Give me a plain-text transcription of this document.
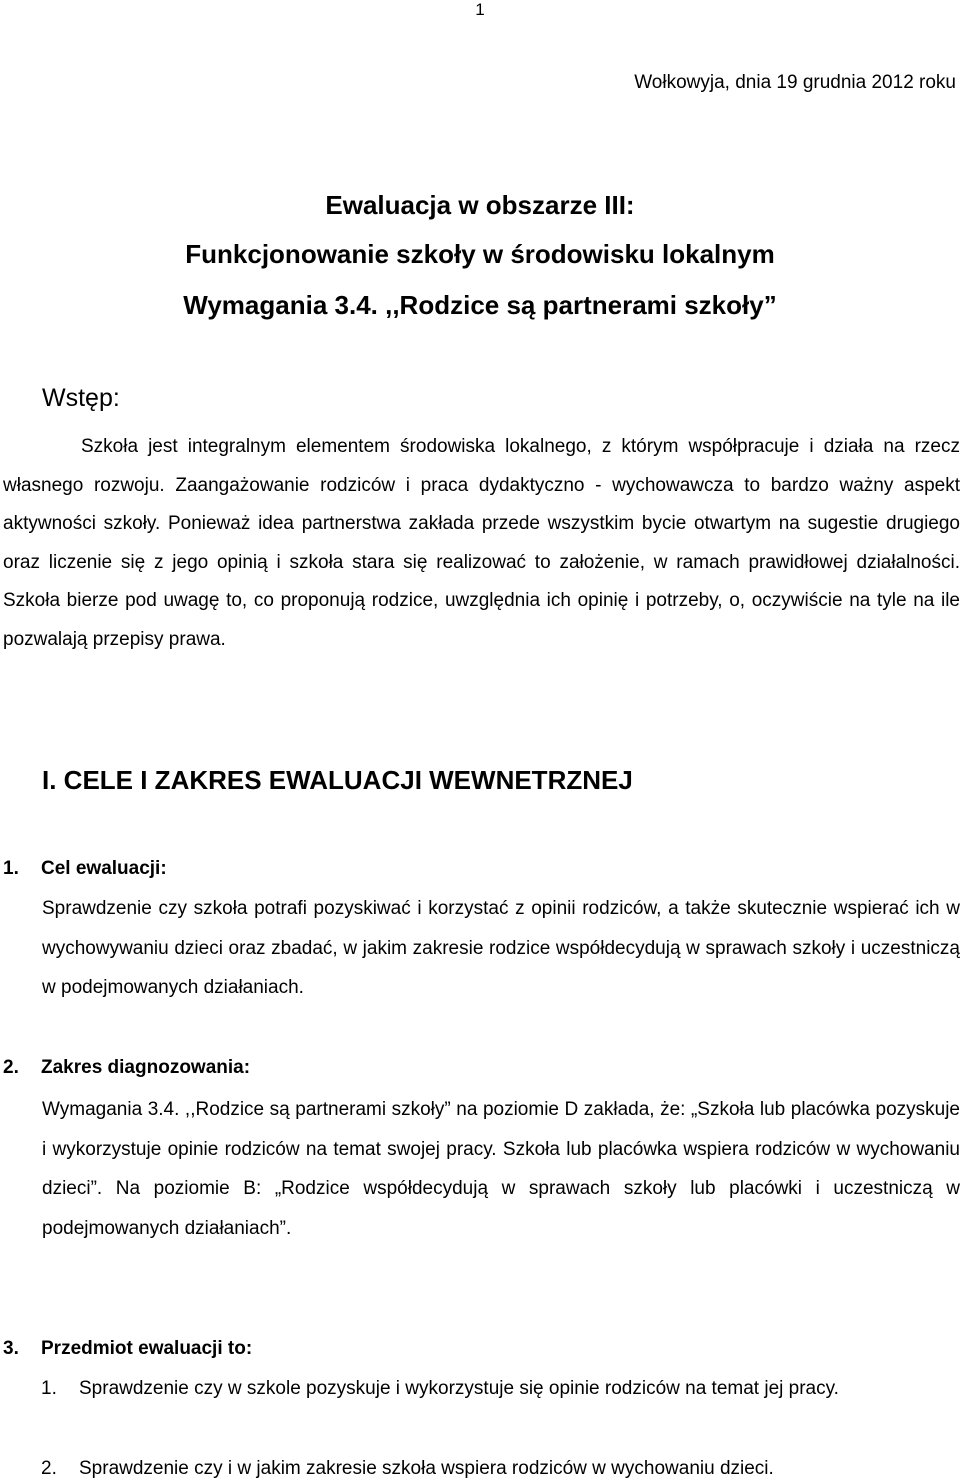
1
Wołkowyja, dnia 19 grudnia 2012 roku
Ewaluacja w obszarze III:
Funkcjonowanie szkoły w środowisku lokalnym
Wymagania 3.4. ,,Rodzice są partnerami szkoły”
Wstęp:
Szkoła jest integralnym elementem środowiska lokalnego, z którym współpracuje i działa na rzecz własnego rozwoju. Zaangażowanie rodziców i praca dydaktyczno - wychowawcza to bardzo ważny aspekt aktywności szkoły. Ponieważ idea partnerstwa zakłada przede wszystkim bycie otwartym na sugestie drugiego oraz liczenie się z jego opinią i szkoła stara się realizować to założenie, w ramach prawidłowej działalności. Szkoła bierze pod uwagę to, co proponują rodzice, uwzględnia ich opinię i potrzeby, o, oczywiście na tyle na ile pozwalają przepisy prawa.
I. CELE I ZAKRES EWALUACJI WEWNETRZNEJ
1. Cel ewaluacji:
Sprawdzenie czy szkoła potrafi pozyskiwać i korzystać z opinii rodziców, a także skutecznie wspierać ich w wychowywaniu dzieci oraz zbadać, w jakim zakresie rodzice współdecydują w sprawach szkoły i uczestniczą w podejmowanych działaniach.
2. Zakres diagnozowania:
Wymagania 3.4. ,,Rodzice są partnerami szkoły” na poziomie D zakłada, że: „Szkoła lub placówka pozyskuje i wykorzystuje opinie rodziców na temat swojej pracy. Szkoła lub placówka wspiera rodziców w wychowaniu dzieci”. Na poziomie B: „Rodzice współdecydują w sprawach szkoły lub placówki i uczestniczą w podejmowanych działaniach”.
3. Przedmiot ewaluacji to:
1. Sprawdzenie czy w szkole pozyskuje i wykorzystuje się opinie rodziców na temat jej pracy.
2. Sprawdzenie czy i w jakim zakresie szkoła wspiera rodziców w wychowaniu dzieci.
